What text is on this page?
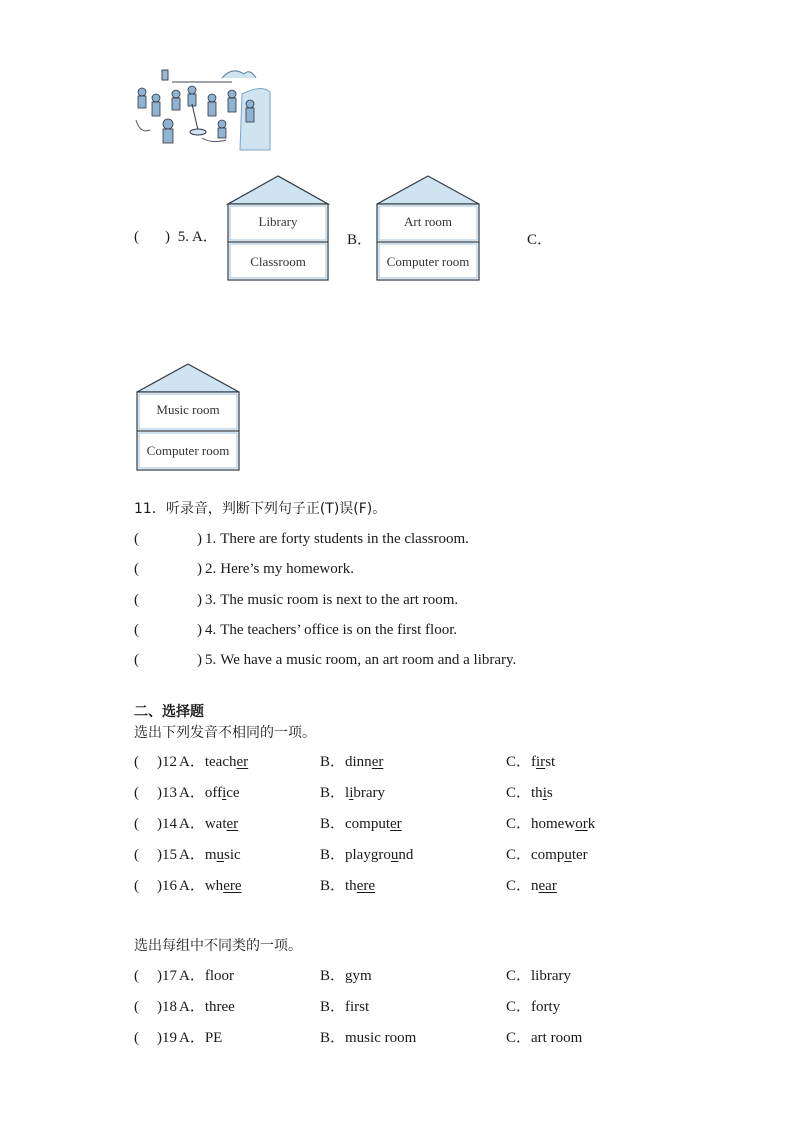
( ) 5. A．	B．	C．
Library
Classroom
Art room
Computer room
Music room
Computer room
11．听录音，判断下列句子正(T)误(F)。
(	) 1. There are forty students in the classroom.
(	) 2. Here’s my homework.
(	) 3. The music room is next to the art room.
(	) 4. The teachers’ office is on the first floor.
(	) 5. We have a music room, an art room and a library.
二、选择题
选出下列发音不相同的一项。
( )12 A．teacher	B．dinner	C．first
( )13 A．office	B．library	C．this
( )14 A．water	B．computer	C．homework
( )15 A．music	B．playground	C．computer
( )16 A．where	B．there	C．near
选出每组中不同类的一项。
( )17 A．floor	B．gym	C．library
( )18 A．three	B．first	C．forty
( )19 A．PE	B．music room	C．art room
